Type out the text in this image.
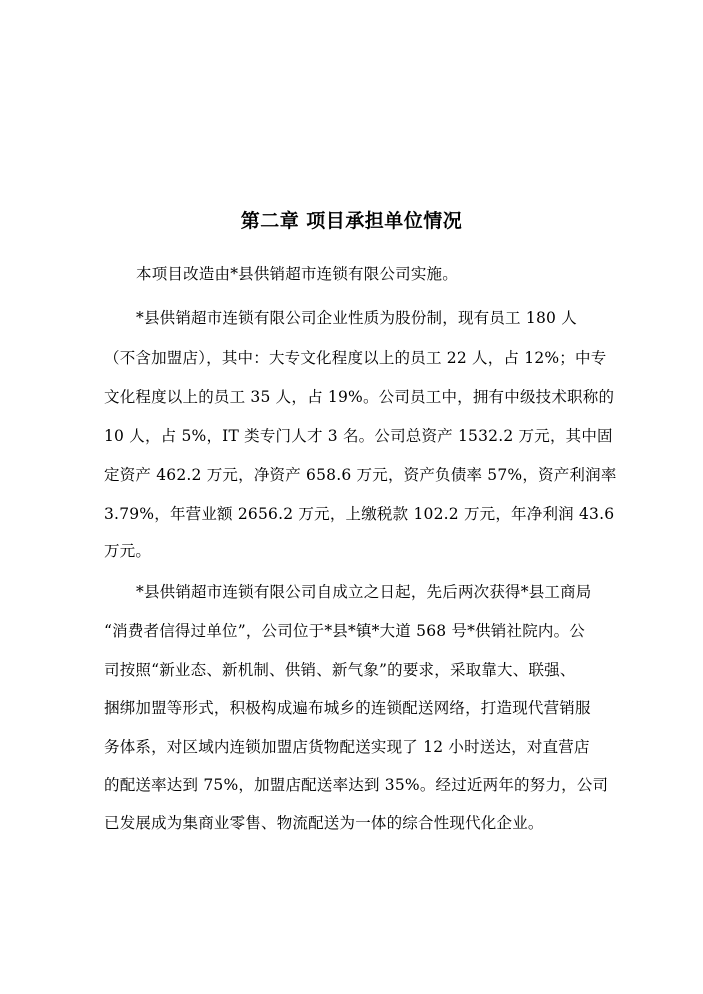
第二章 项目承担单位情况
本项目改造由*县供销超市连锁有限公司实施。
*县供销超市连锁有限公司企业性质为股份制，现有员工 180 人
（不含加盟店），其中：大专文化程度以上的员工 22 人，占 12%；中专
文化程度以上的员工 35 人，占 19%。公司员工中，拥有中级技术职称的
10 人，占 5%，IT 类专门人才 3 名。公司总资产 1532.2 万元，其中固
定资产 462.2 万元，净资产 658.6 万元，资产负债率 57%，资产利润率
3.79%，年营业额 2656.2 万元，上缴税款 102.2 万元，年净利润 43.6
万元。
*县供销超市连锁有限公司自成立之日起，先后两次获得*县工商局
“消费者信得过单位”，公司位于*县*镇*大道 568 号*供销社院内。公
司按照“新业态、新机制、供销、新气象”的要求，采取靠大、联强、
捆绑加盟等形式，积极构成遍布城乡的连锁配送网络，打造现代营销服
务体系，对区域内连锁加盟店货物配送实现了 12 小时送达，对直营店
的配送率达到 75%，加盟店配送率达到 35%。经过近两年的努力，公司
已发展成为集商业零售、物流配送为一体的综合性现代化企业。
